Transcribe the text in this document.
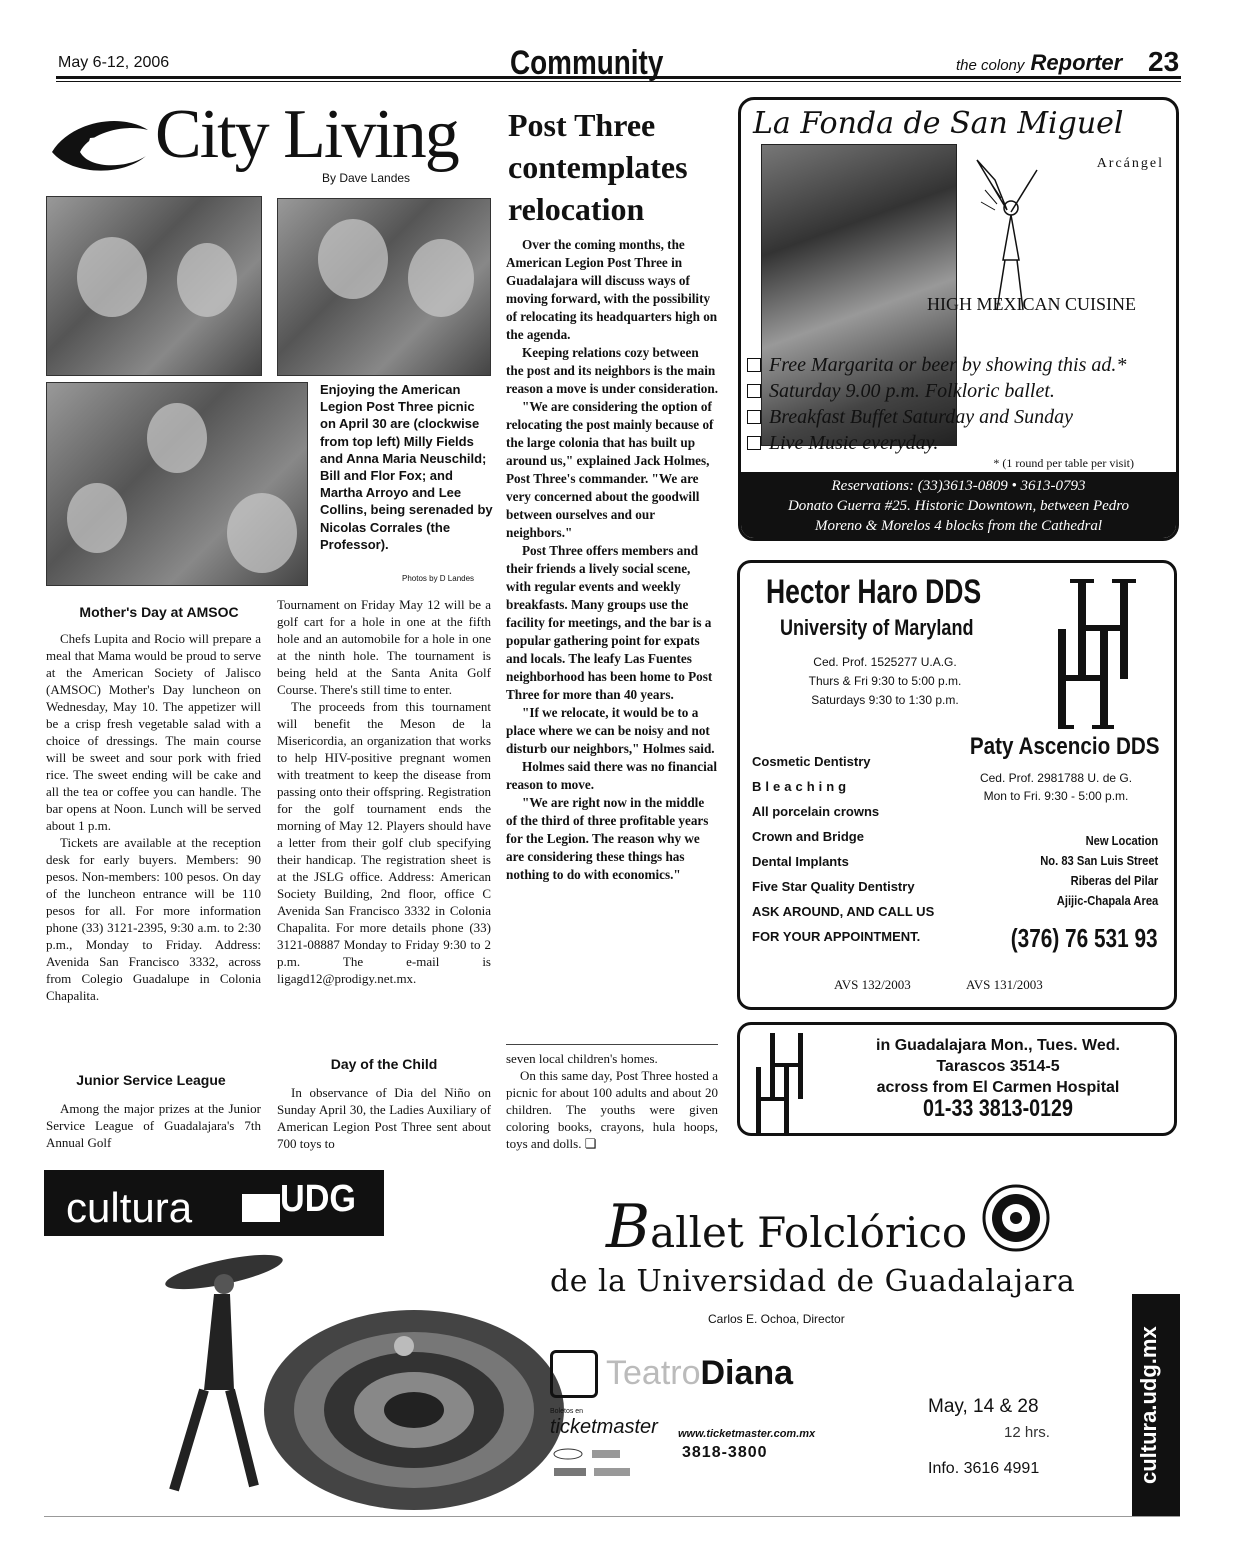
May 6-12, 2006	Community	the colony Reporter 23
City Living
By Dave Landes
Enjoying the American Legion Post Three picnic on April 30 are (clockwise from top left) Milly Fields and Anna Maria Neuschild; Bill and Flor Fox; and Martha Arroyo and Lee Collins, being serenaded by Nicolas Corrales (the Professor).
Photos by D Landes
Mother's Day at AMSOC

Chefs Lupita and Rocio will prepare a meal that Mama would be proud to serve at the American Society of Jalisco (AMSOC) Mother's Day luncheon on Wednesday, May 10. The appetizer will be a crisp fresh vegetable salad with a choice of dressings. The main course will be sweet and sour pork with fried rice. The sweet ending will be cake and all the tea or coffee you can handle. The bar opens at Noon. Lunch will be served about 1 p.m.

Tickets are available at the reception desk for early buyers. Members: 90 pesos. Non-members: 100 pesos. On day of the luncheon entrance will be 110 pesos for all. For more information phone (33) 3121-2395, 9:30 a.m. to 2:30 p.m., Monday to Friday. Address: Avenida San Francisco 3332, across from Colegio Guadalupe in Colonia Chapalita.

Junior Service League

Among the major prizes at the Junior Service League of Guadalajara's 7th Annual Golf

Tournament on Friday May 12 will be a golf cart for a hole in one at the fifth hole and an automobile for a hole in one at the ninth hole. The tournament is being held at the Santa Anita Golf Course. There's still time to enter.

The proceeds from this tournament will benefit the Meson de la Misericordia, an organization that works to help HIV-positive pregnant women with treatment to keep the disease from passing onto their offspring. Registration for the golf tournament ends the morning of May 12. Players should have a letter from their golf club specifying their handicap. The registration sheet is at the JSLG office. Address: American Society Building, 2nd floor, office C Avenida San Francisco 3332 in Colonia Chapalita. For more details phone (33) 3121-08887 Monday to Friday 9:30 to 2 p.m. The e-mail is ligagd12@prodigy.net.mx.

Day of the Child

In observance of Dia del Niño on Sunday April 30, the Ladies Auxiliary of American Legion Post Three sent about 700 toys to

Post Three contemplates relocation

Over the coming months, the American Legion Post Three in Guadalajara will discuss ways of moving forward, with the possibility of relocating its headquarters high on the agenda.

Keeping relations cozy between the post and its neighbors is the main reason a move is under consideration.

"We are considering the option of relocating the post mainly because of the large colonia that has built up around us," explained Jack Holmes, Post Three's commander. "We are very concerned about the goodwill between ourselves and our neighbors."

Post Three offers members and their friends a lively social scene, with regular events and weekly breakfasts. Many groups use the facility for meetings, and the bar is a popular gathering point for expats and locals. The leafy Las Fuentes neighborhood has been home to Post Three for more than 40 years.

"If we relocate, it would be to a place where we can be noisy and not disturb our neighbors," Holmes said.

Holmes said there was no financial reason to move.

"We are right now in the middle of the third of three profitable years for the Legion. The reason why we are considering these things has nothing to do with economics."

seven local children's homes.

On this same day, Post Three hosted a picnic for about 100 adults and about 20 children. The youths were given coloring books, crayons, hula hoops, toys and dolls. ❏

La Fonda de San Miguel
Arcángel
HIGH MEXICAN CUISINE
Free Margarita or beer by showing this ad.*
Saturday 9.00 p.m. Folkloric ballet.
Breakfast Buffet Saturday and Sunday
Live Music everyday.
* (1 round per table per visit)
Reservations: (33)3613-0809 • 3613-0793
Donato Guerra #25. Historic Downtown, between Pedro
Moreno & Morelos 4 blocks from the Cathedral
Hector Haro DDS
University of Maryland
Ced. Prof. 1525277 U.A.G.
Thurs & Fri 9:30 to 5:00 p.m.
Saturdays 9:30 to 1:30 p.m.
Paty Ascencio DDS
Ced. Prof. 2981788 U. de G.
Mon to Fri. 9:30 - 5:00 p.m.
Cosmetic Dentistry
Bleaching
All porcelain crowns
Crown and Bridge
Dental Implants
Five Star Quality Dentistry
ASK AROUND, AND CALL US
FOR YOUR APPOINTMENT.
New Location
No. 83 San Luis Street
Riberas del Pilar
Ajijic-Chapala Area
(376) 76 531 93
AVS 132/2003	AVS 131/2003
in Guadalajara Mon., Tues. Wed.
Tarascos 3514-5
across from El Carmen Hospital
01-33 3813-0129
cultura UDG	Ballet Folclórico
de la Universidad de Guadalajara
Carlos E. Ochoa, Director
TeatroDiana
Boletos en
ticketmaster www.ticketmaster.com.mx
3818-3800
May, 14 & 28
12 hrs.
Info. 3616 4991	cultura.udg.mx
